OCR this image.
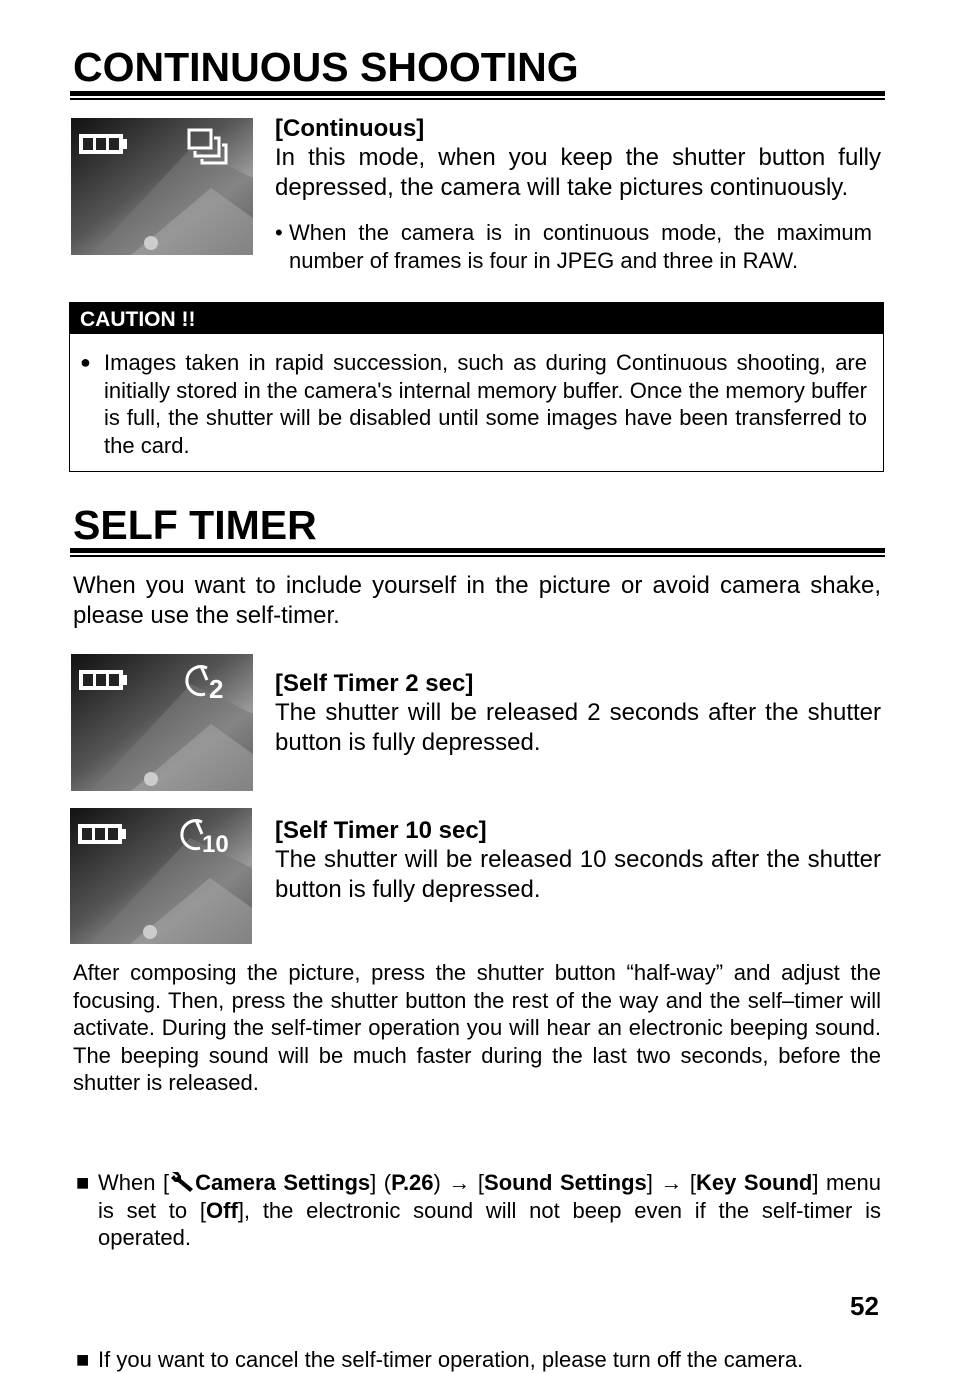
CONTINUOUS SHOOTING
[Continuous]
In this mode, when you keep the shutter button fully depressed, the camera will take pictures continuously.
• When the camera is in continuous mode, the maximum number of frames is four in JPEG and three in RAW.
CAUTION !!
● Images taken in rapid succession, such as during Continuous shooting, are initially stored in the camera's internal memory buffer. Once the memory buffer is full, the shutter will be disabled until some images have been transferred to the card.
SELF TIMER
When you want to include yourself in the picture or avoid camera shake, please use the self-timer.
2 [Self Timer 2 sec]
The shutter will be released 2 seconds after the shutter button is fully depressed.
10
[Self Timer 10 sec]
The shutter will be released 10 seconds after the shutter button is fully depressed.
After composing the picture, press the shutter button “half-way” and adjust the focusing. Then, press the shutter button the rest of the way and the self–timer will activate. During the self-timer operation you will hear an electronic beeping sound. The beeping sound will be much faster during the last two seconds, before the shutter is released.
■ When [ Camera Settings] (P.26) → [Sound Settings] → [Key Sound] menu is set to [Off], the electronic sound will not beep even if the self-timer is operated.
■ If you want to cancel the self-timer operation, please turn off the camera.
52
